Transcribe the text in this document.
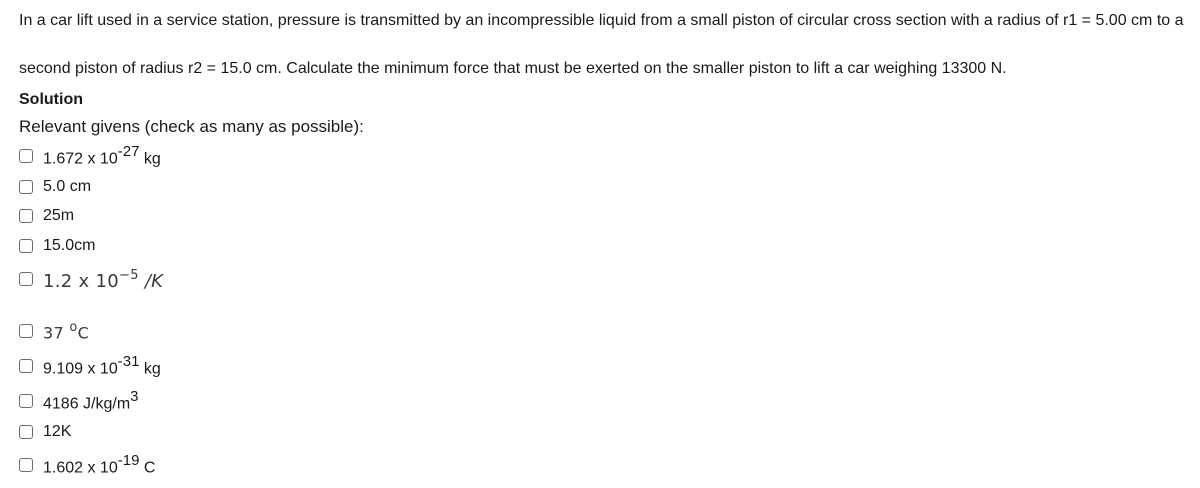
In a car lift used in a service station, pressure is transmitted by an incompressible liquid from a small piston of circular cross section with a radius of r1 = 5.00 cm to a
second piston of radius r2 = 15.0 cm. Calculate the minimum force that must be exerted on the smaller piston to lift a car weighing 13300 N.
Solution
Relevant givens (check as many as possible):
1.672 x $10^{-27}$ kg
5.0 cm
25m
15.0cm
1.2 x $10^{-5}$ /K
37 $^o$C
9.109 x $10^{-31}$ kg
4186 $J/kg/m^3$
12K
1.602 x $10^{-19}$ C
